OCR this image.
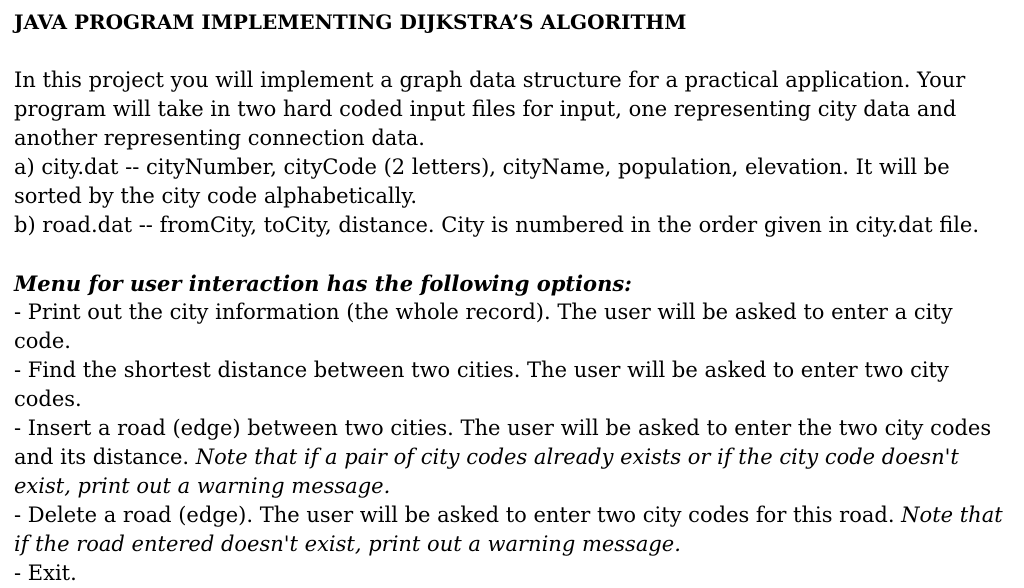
JAVA PROGRAM IMPLEMENTING DIJKSTRA’S ALGORITHM

In this project you will implement a graph data structure for a practical application. Your program will take in two hard coded input files for input, one representing city data and another representing connection data.

a) city.dat -- cityNumber, cityCode (2 letters), cityName, population, elevation. It will be sorted by the city code alphabetically.

b) road.dat -- fromCity, toCity, distance. City is numbered in the order given in city.dat file.

Menu for user interaction has the following options:

- Print out the city information (the whole record). The user will be asked to enter a city code.

- Find the shortest distance between two cities. The user will be asked to enter two city codes.

- Insert a road (edge) between two cities. The user will be asked to enter the two city codes and its distance. Note that if a pair of city codes already exists or if the city code doesn't exist, print out a warning message.

- Delete a road (edge). The user will be asked to enter two city codes for this road. Note that if the road entered doesn't exist, print out a warning message.

- Exit.
